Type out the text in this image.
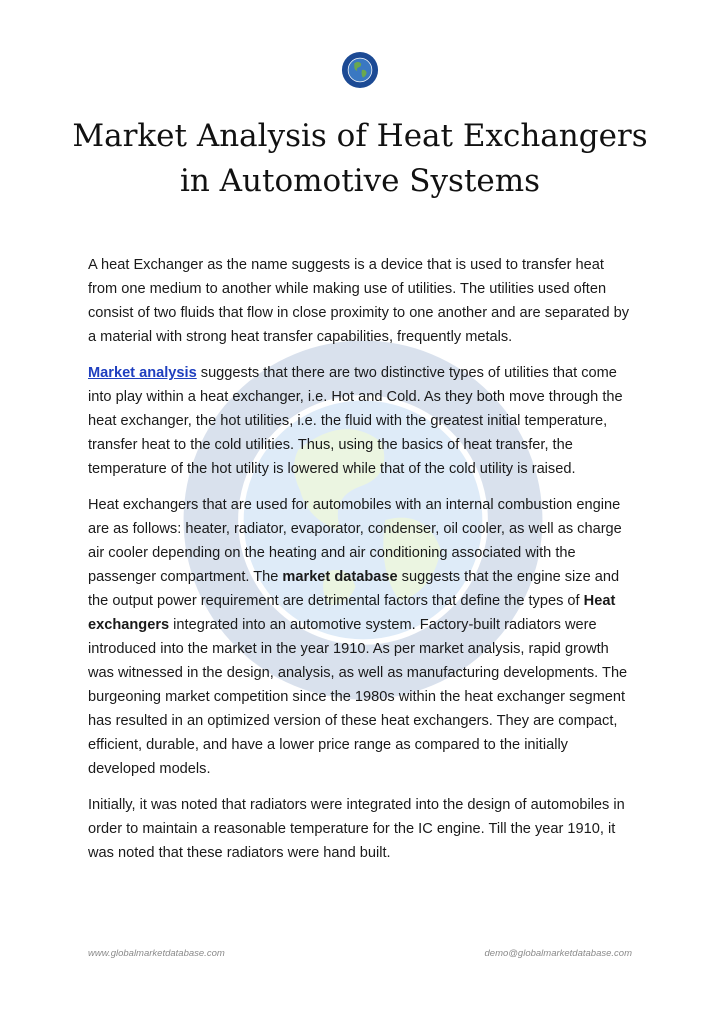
Market Analysis of Heat Exchangers
in Automotive Systems

A heat Exchanger as the name suggests is a device that is used to transfer heat from one medium to another while making use of utilities. The utilities used often consist of two fluids that flow in close proximity to one another and are separated by a material with strong heat transfer capabilities, frequently metals.

Market analysis suggests that there are two distinctive types of utilities that come into play within a heat exchanger, i.e. Hot and Cold. As they both move through the heat exchanger, the hot utilities, i.e. the fluid with the greatest initial temperature, transfer heat to the cold utilities. Thus, using the basics of heat transfer, the temperature of the hot utility is lowered while that of the cold utility is raised.

Heat exchangers that are used for automobiles with an internal combustion engine are as follows: heater, radiator, evaporator, condenser, oil cooler, as well as charge air cooler depending on the heating and air conditioning associated with the passenger compartment. The market database suggests that the engine size and the output power requirement are detrimental factors that define the types of Heat exchangers integrated into an automotive system. Factory-built radiators were introduced into the market in the year 1910. As per market analysis, rapid growth was witnessed in the design, analysis, as well as manufacturing developments. The burgeoning market competition since the 1980s within the heat exchanger segment has resulted in an optimized version of these heat exchangers. They are compact, efficient, durable, and have a lower price range as compared to the initially developed models.

Initially, it was noted that radiators were integrated into the design of automobiles in order to maintain a reasonable temperature for the IC engine. Till the year 1910, it was noted that these radiators were hand built.

www.globalmarketdatabase.com	demo@globalmarketdatabase.com
